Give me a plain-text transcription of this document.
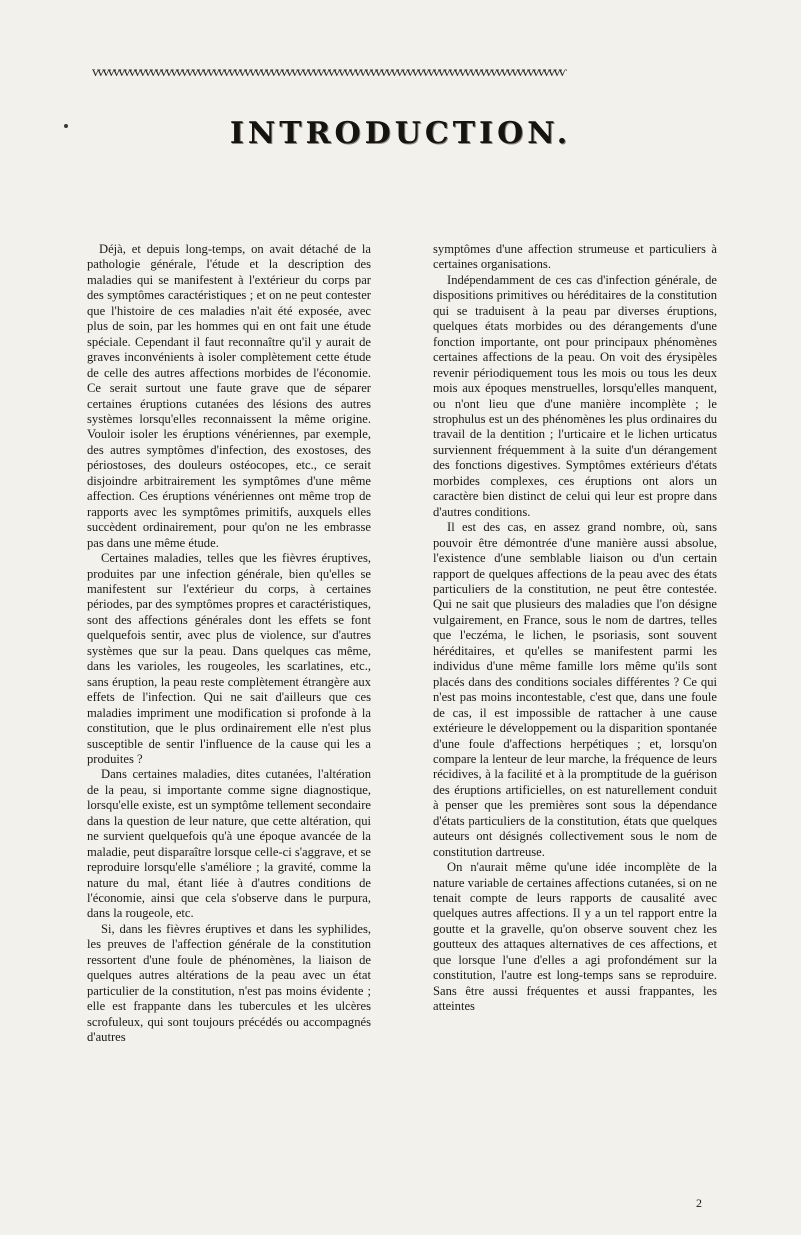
ѵѵѵѵѵѵѵѵѵѵѵѵѵѵѵѵѵѵѵѵѵѵѵѵѵѵѵѵѵѵѵѵѵѵѵѵѵѵѵѵѵѵѵѵѵѵѵѵѵѵѵѵѵѵѵѵѵѵѵѵѵѵѵѵѵѵѵѵѵѵѵѵѵѵѵѵѵѵѵѵѵѵѵѵѵѵѵѵѵѵ
INTRODUCTION.

Déjà, et depuis long-temps, on avait détaché de la pathologie générale, l'étude et la description des maladies qui se manifestent à l'extérieur du corps par des symptômes caractéristiques ; et on ne peut contester que l'histoire de ces maladies n'ait été exposée, avec plus de soin, par les hommes qui en ont fait une étude spéciale. Cependant il faut reconnaître qu'il y aurait de graves inconvénients à isoler complètement cette étude de celle des autres affections morbides de l'économie. Ce serait surtout une faute grave que de séparer certaines éruptions cutanées des lésions des autres systèmes lorsqu'elles reconnaissent la même origine. Vouloir isoler les éruptions vénériennes, par exemple, des autres symptômes d'infection, des exostoses, des périostoses, des douleurs ostéocopes, etc., ce serait disjoindre arbitrairement les symptômes d'une même affection. Ces éruptions vénériennes ont même trop de rapports avec les symptômes primitifs, auxquels elles succèdent ordinairement, pour qu'on ne les embrasse pas dans une même étude.

Certaines maladies, telles que les fièvres éruptives, produites par une infection générale, bien qu'elles se manifestent sur l'extérieur du corps, à certaines périodes, par des symptômes propres et caractéristiques, sont des affections générales dont les effets se font quelquefois sentir, avec plus de violence, sur d'autres systèmes que sur la peau. Dans quelques cas même, dans les varioles, les rougeoles, les scarlatines, etc., sans éruption, la peau reste complètement étrangère aux effets de l'infection. Qui ne sait d'ailleurs que ces maladies impriment une modification si profonde à la constitution, que le plus ordinairement elle n'est plus susceptible de sentir l'influence de la cause qui les a produites ?

Dans certaines maladies, dites cutanées, l'altération de la peau, si importante comme signe diagnostique, lorsqu'elle existe, est un symptôme tellement secondaire dans la question de leur nature, que cette altération, qui ne survient quelquefois qu'à une époque avancée de la maladie, peut disparaître lorsque celle-ci s'aggrave, et se reproduire lorsqu'elle s'améliore ; la gravité, comme la nature du mal, étant liée à d'autres conditions de l'économie, ainsi que cela s'observe dans le purpura, dans la rougeole, etc.

Si, dans les fièvres éruptives et dans les syphilides, les preuves de l'affection générale de la constitution ressortent d'une foule de phénomènes, la liaison de quelques autres altérations de la peau avec un état particulier de la constitution, n'est pas moins évidente ; elle est frappante dans les tubercules et les ulcères scrofuleux, qui sont toujours précédés ou accompagnés d'autres

symptômes d'une affection strumeuse et particuliers à certaines organisations.

Indépendamment de ces cas d'infection générale, de dispositions primitives ou héréditaires de la constitution qui se traduisent à la peau par diverses éruptions, quelques états morbides ou des dérangements d'une fonction importante, ont pour principaux phénomènes certaines affections de la peau. On voit des érysipèles revenir périodiquement tous les mois ou tous les deux mois aux époques menstruelles, lorsqu'elles manquent, ou n'ont lieu que d'une manière incomplète ; le strophulus est un des phénomènes les plus ordinaires du travail de la dentition ; l'urticaire et le lichen urticatus surviennent fréquemment à la suite d'un dérangement des fonctions digestives. Symptômes extérieurs d'états morbides complexes, ces éruptions ont alors un caractère bien distinct de celui qui leur est propre dans d'autres conditions.

Il est des cas, en assez grand nombre, où, sans pouvoir être démontrée d'une manière aussi absolue, l'existence d'une semblable liaison ou d'un certain rapport de quelques affections de la peau avec des états particuliers de la constitution, ne peut être contestée. Qui ne sait que plusieurs des maladies que l'on désigne vulgairement, en France, sous le nom de dartres, telles que l'eczéma, le lichen, le psoriasis, sont souvent héréditaires, et qu'elles se manifestent parmi les individus d'une même famille lors même qu'ils sont placés dans des conditions sociales différentes ? Ce qui n'est pas moins incontestable, c'est que, dans une foule de cas, il est impossible de rattacher à une cause extérieure le développement ou la disparition spontanée d'une foule d'affections herpétiques ; et, lorsqu'on compare la lenteur de leur marche, la fréquence de leurs récidives, à la facilité et à la promptitude de la guérison des éruptions artificielles, on est naturellement conduit à penser que les premières sont sous la dépendance d'états particuliers de la constitution, états que quelques auteurs ont désignés collectivement sous le nom de constitution dartreuse.

On n'aurait même qu'une idée incomplète de la nature variable de certaines affections cutanées, si on ne tenait compte de leurs rapports de causalité avec quelques autres affections. Il y a un tel rapport entre la goutte et la gravelle, qu'on observe souvent chez les goutteux des attaques alternatives de ces affections, et que lorsque l'une d'elles a agi profondément sur la constitution, l'autre est long-temps sans se reproduire. Sans être aussi fréquentes et aussi frappantes, les atteintes

2
